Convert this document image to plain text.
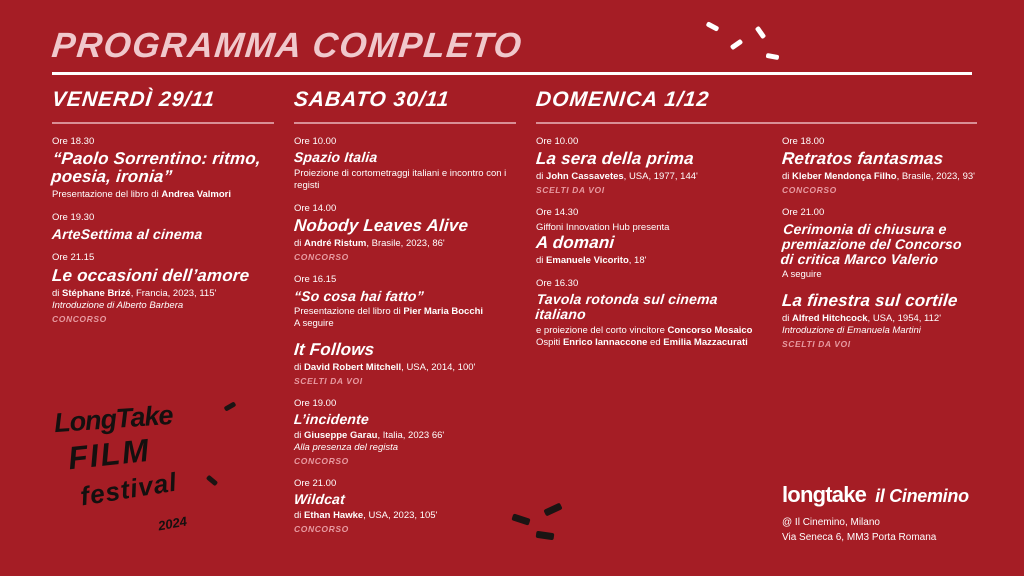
PROGRAMMA COMPLETO
VENERDÌ 29/11	SABATO 30/11	DOMENICA 1/12
Ore 18.30
“Paolo Sorrentino: ritmo, poesia, ironia”
Presentazione del libro di Andrea Valmori
Ore 19.30
ArteSettima al cinema
Ore 21.15
Le occasioni dell’amore
di Stéphane Brizé, Francia, 2023, 115'
Introduzione di Alberto Barbera
CONCORSO
Ore 10.00
Spazio Italia
Proiezione di cortometraggi italiani e incontro con i registi
Ore 14.00
Nobody Leaves Alive
di André Ristum, Brasile, 2023, 86'
CONCORSO
Ore 16.15
“So cosa hai fatto”
Presentazione del libro di Pier Maria Bocchi
A seguire
It Follows
di David Robert Mitchell, USA, 2014, 100'
SCELTI DA VOI
Ore 19.00
L’incidente
di Giuseppe Garau, Italia, 2023 66'
Alla presenza del regista
CONCORSO
Ore 21.00
Wildcat
di Ethan Hawke, USA, 2023, 105'
CONCORSO
Ore 10.00
La sera della prima
di John Cassavetes, USA, 1977, 144'
SCELTI DA VOI
Ore 14.30
Giffoni Innovation Hub presenta
A domani
di Emanuele Vicorito, 18'
Ore 16.30
Tavola rotonda sul cinema italiano
e proiezione del corto vincitore Concorso Mosaico
Ospiti Enrico Iannaccone ed Emilia Mazzacurati
Ore 18.00
Retratos fantasmas
di Kleber Mendonça Filho, Brasile, 2023, 93'
CONCORSO
Ore 21.00
Cerimonia di chiusura e premiazione del Concorso di critica Marco Valerio
A seguire
La finestra sul cortile
di Alfred Hitchcock, USA, 1954, 112'
Introduzione di Emanuela Martini
SCELTI DA VOI
LongTake
FILM
festival
2024
longtake il Cinemino
@ Il Cinemino, Milano
Via Seneca 6, MM3 Porta Romana
